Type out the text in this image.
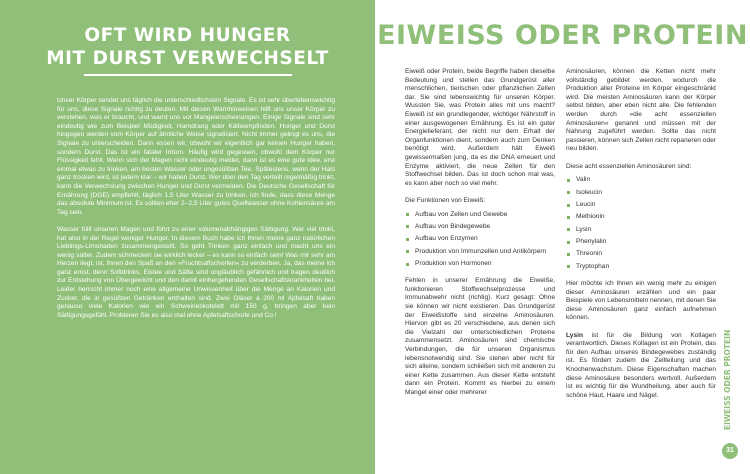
OFT WIRD HUNGER
MIT DURST VERWECHSELT

Unser Körper sendet uns täglich die unterschiedlichsten Signale. Es ist sehr überlebenswichtig für uns, diese Signale richtig zu deuten. Mit diesen Warnhinweisen hilft uns unser Körper zu verstehen, was er braucht, und warnt uns vor Mangelerscheinungen. Einige Signale sind sehr eindeutig wie zum Beispiel Müdigkeit, Harndrang oder Kälteempfinden. Hunger und Durst hingegen werden vom Körper auf ähnliche Weise signalisiert. Nicht immer gelingt es uns, die Signale zu unterscheiden. Dann essen wir, obwohl wir eigentlich gar keinen Hunger haben, sondern Durst. Das ist ein fataler Irrtum. Häufig wird gegessen, obwohl dem Körper nur Flüssigkeit fehlt. Wenn sich der Magen nicht eindeutig meldet, dann ist es eine gute Idee, erst einmal etwas zu trinken, am besten Wasser oder ungesüßten Tee. Spätestens, wenn der Hals ganz trocken wird, ist jedem klar – wir haben Durst. Wer über den Tag verteilt regelmäßig trinkt, kann die Verwechslung zwischen Hunger und Durst vermeiden. Die Deutsche Gesellschaft für Ernährung (DGE) empfiehlt, täglich 1,5 Liter Wasser zu trinken. Ich finde, dass diese Menge das absolute Minimum ist. Es sollten eher 2–2,5 Liter gutes Quellwasser ohne Kohlensäure am Tag sein.

Wasser füllt unseren Magen und führt zu einer volumenabhängigen Sättigung. Wer viel trinkt, hat also in der Regel weniger Hunger. In diesem Buch habe ich Ihnen meine ganz natürlichen Lieblings-Limonaden zusammengestellt. So geht Trinken ganz einfach und macht uns ein wenig satter. Zudem schmecken sie wirklich lecker – es kann so einfach sein! Was mir sehr am Herzen liegt, ist, Ihnen den Spaß an den »Fruchtsaftschorlen« zu verderben. Ja, das meine ich ganz ernst, denn Softdrinks, Eistee und Säfte sind ungläublich gefährlich und tragen deutlich zur Entstehung von Übergewicht und den damit einhergehenden Gesellschaftskrankheiten bei. Leider herrscht immer noch eine allgemeine Unwissenheit über die Menge an Kalorien und Zucker, die in gesüßten Getränken enthalten sind. Zwei Gläser à 200 ml Apfelsaft haben genauso viele Kalorien wie ein Schweineskotelett mit 150 g, bringen aber kein Sättigungsgefühl. Probieren Sie es also mal ohne Apfelsaftschorle und Co.!

EIWEISS ODER PROTEIN

Eiweiß oder Protein, beide Begriffe haben dieselbe Bedeutung und stellen das Grundgerüst aller menschlichen, tierischen oder pflanzlichen Zellen dar. Sie sind lebenswichtig für unseren Körper. Wussten Sie, was Protein alles mit uns macht? Eiweiß ist ein grundlegender, wichtiger Nährstoff in einer ausgewogenen Ernährung. Es ist ein guter Energielieferant, der nicht nur dem Erhalt der Organfunktionen dient, sondern auch zum Denken benötigt wird. Außerdem hält Eiweiß gewissermaßen jung, da es die DNA erneuert und Enzyme aktiviert, die neue Zellen für den Stoffwechsel bilden. Das ist doch schon mal was, es kann aber noch so viel mehr.

Die Funktionen von Eiweiß:

Aufbau von Zellen und Gewebe
Aufbau von Bindegewebe
Aufbau von Enzymen
Produktion von Immunzellen und Antikörpern
Produktion von Hormonen

Fehlen in unserer Ernährung die Eiweiße, funktionieren Stoffwechselprozesse und Immunabwehr nicht (richtig). Kurz gesagt: Ohne sie können wir nicht existieren. Das Grundgerüst der Eiweißstoffe sind einzelne Aminosäuren. Hiervon gibt es 20 verschiedene, aus denen sich die Vielzahl der unterschiedlichen Proteine zusammensetzt. Aminosäuren sind chemische Verbindungen, die für unseren Organismus lebensnotwendig sind. Sie stehen aber nicht für sich alleine, sondern schließen sich mit anderen zu einer Kette zusammen. Aus dieser Kette entsteht dann ein Protein. Kommt es hierbei zu einem Mangel einer oder mehrerer

Aminosäuren, können die Ketten nicht mehr vollständig gebildet werden, wodurch die Produktion aller Proteine im Körper eingeschränkt wird. Die meisten Aminosäuren kann der Körper selbst bilden, aber eben nicht alle. Die fehlenden werden durch »die acht essenziellen Aminosäuren« genannt und müssen mit der Nahrung zugeführt werden. Sollte das nicht passieren, können sich Zellen nicht reparieren oder neu bilden.

Diese acht essenziellen Aminosäuren sind:

Valin
Isoleucin
Leucin
Methionin
Lysin
Phenylalin
Threonin
Tryptophan

Hier möchte ich Ihnen ein wenig mehr zu einigen dieser Aminosäuren erzählen und ein paar Beispiele von Lebensmitteln nennen, mit denen Sie diese Aminosäuren ganz einfach aufnehmen können.

Lysin ist für die Bildung von Kollagen verantwortlich. Dieses Kollagen ist ein Protein, das für den Aufbau unseres Bindegewebes zuständig ist. Es fördert zudem die Zellteilung und das Knochenwachstum. Diese Eigenschaften machen diese Aminosäure besonders wertvoll. Außerdem ist es wichtig für die Wundheilung, aber auch für schöne Haut, Haare und Nägel.	EIWEISS ODER PROTEIN
31
